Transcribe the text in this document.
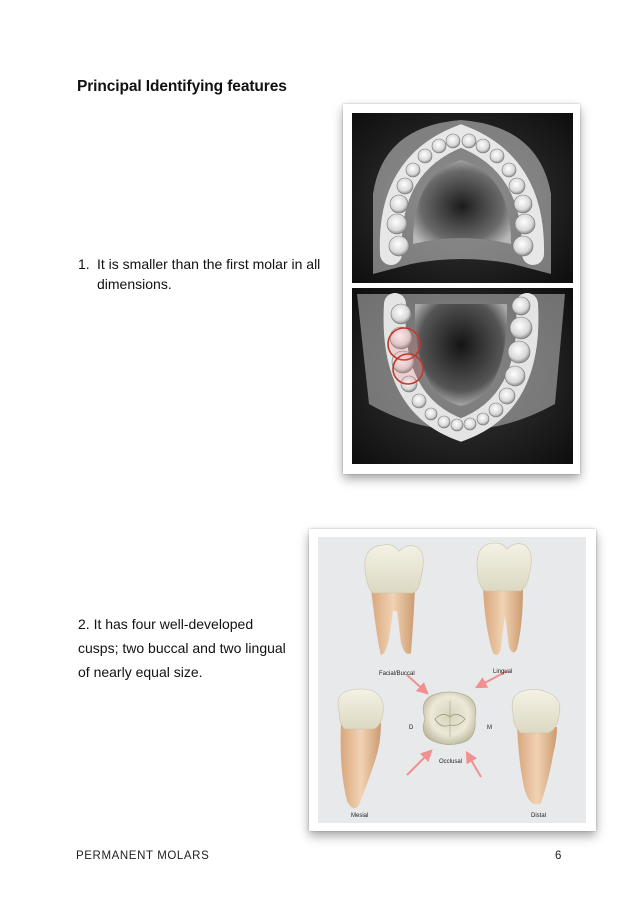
Principal Identifying features
1. It is smaller than the first molar in all dimensions.
2. It has four well-developed cusps; two buccal and two lingual of nearly equal size.	Facial/Buccal	Lingual
D	M
Occlusal
Mesial	Distal
PERMANENT MOLARS	6
